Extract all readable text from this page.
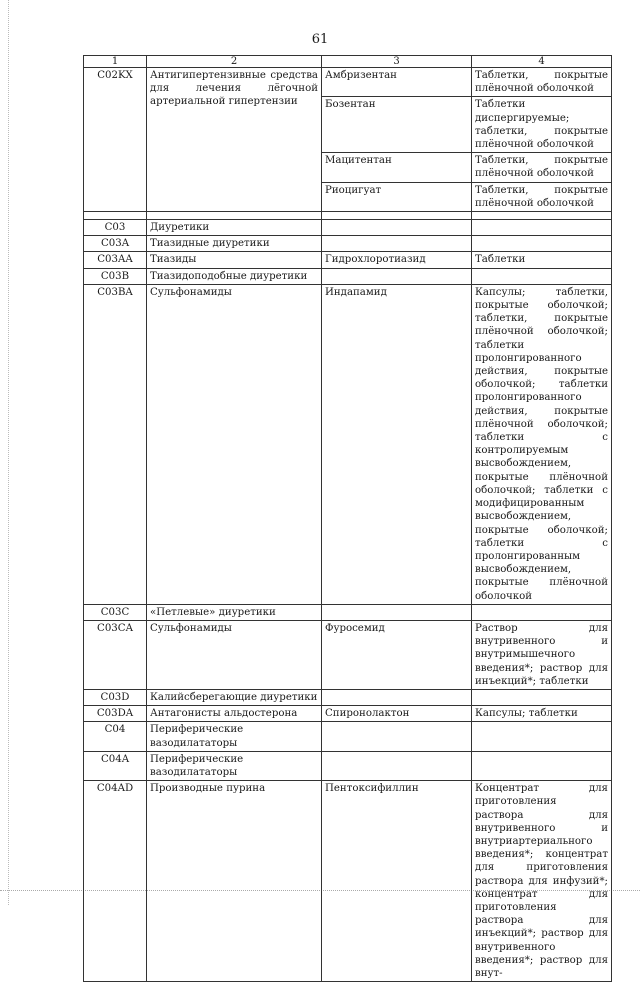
61
1	2	3	4
C02KX	Антигипертензивные средства для лечения лёгочной артериальной гипертензии	Амбризентан	Таблетки, покрытые плёночной оболочкой
		Бозентан	Таблетки диспергируемые; таблетки, покрытые плёночной оболочкой
		Мацитентан	Таблетки, покрытые плёночной оболочкой
		Риоцигуат	Таблетки, покрытые плёночной оболочкой

C03	Диуретики		
C03A	Тиазидные диуретики		
C03AA	Тиазиды	Гидрохлоротиазид	Таблетки
C03B	Тиазидоподобные диуретики		
C03BA	Сульфонамиды	Индапамид	Капсулы; таблетки, покрытые оболочкой; таблетки, покрытые плёночной оболочкой; таблетки пролонгированного действия, покрытые оболочкой; таблетки пролонгированного действия, покрытые плёночной оболочкой; таблетки с контролируемым высвобождением, покрытые плёночной оболочкой; таблетки с модифицированным высвобождением, покрытые оболочкой; таблетки с пролонгированным высвобождением, покрытые плёночной оболочкой
C03C	«Петлевые» диуретики		
C03CA	Сульфонамиды	Фуросемид	Раствор для внутривенного и внутримышечного введения*; раствор для инъекций*; таблетки
C03D	Калийсберегающие диуретики		
C03DA	Антагонисты альдостерона	Спиронолактон	Капсулы; таблетки
C04	Периферические вазодилататоры		
C04A	Периферические вазодилататоры		
C04AD	Производные пурина	Пентоксифиллин	Концентрат для приготовления раствора для внутривенного и внутриартериального введения*; концентрат для приготовления раствора для инфузий*; концентрат для приготовления раствора для инъекций*; раствор для внутривенного введения*; раствор для внут-
